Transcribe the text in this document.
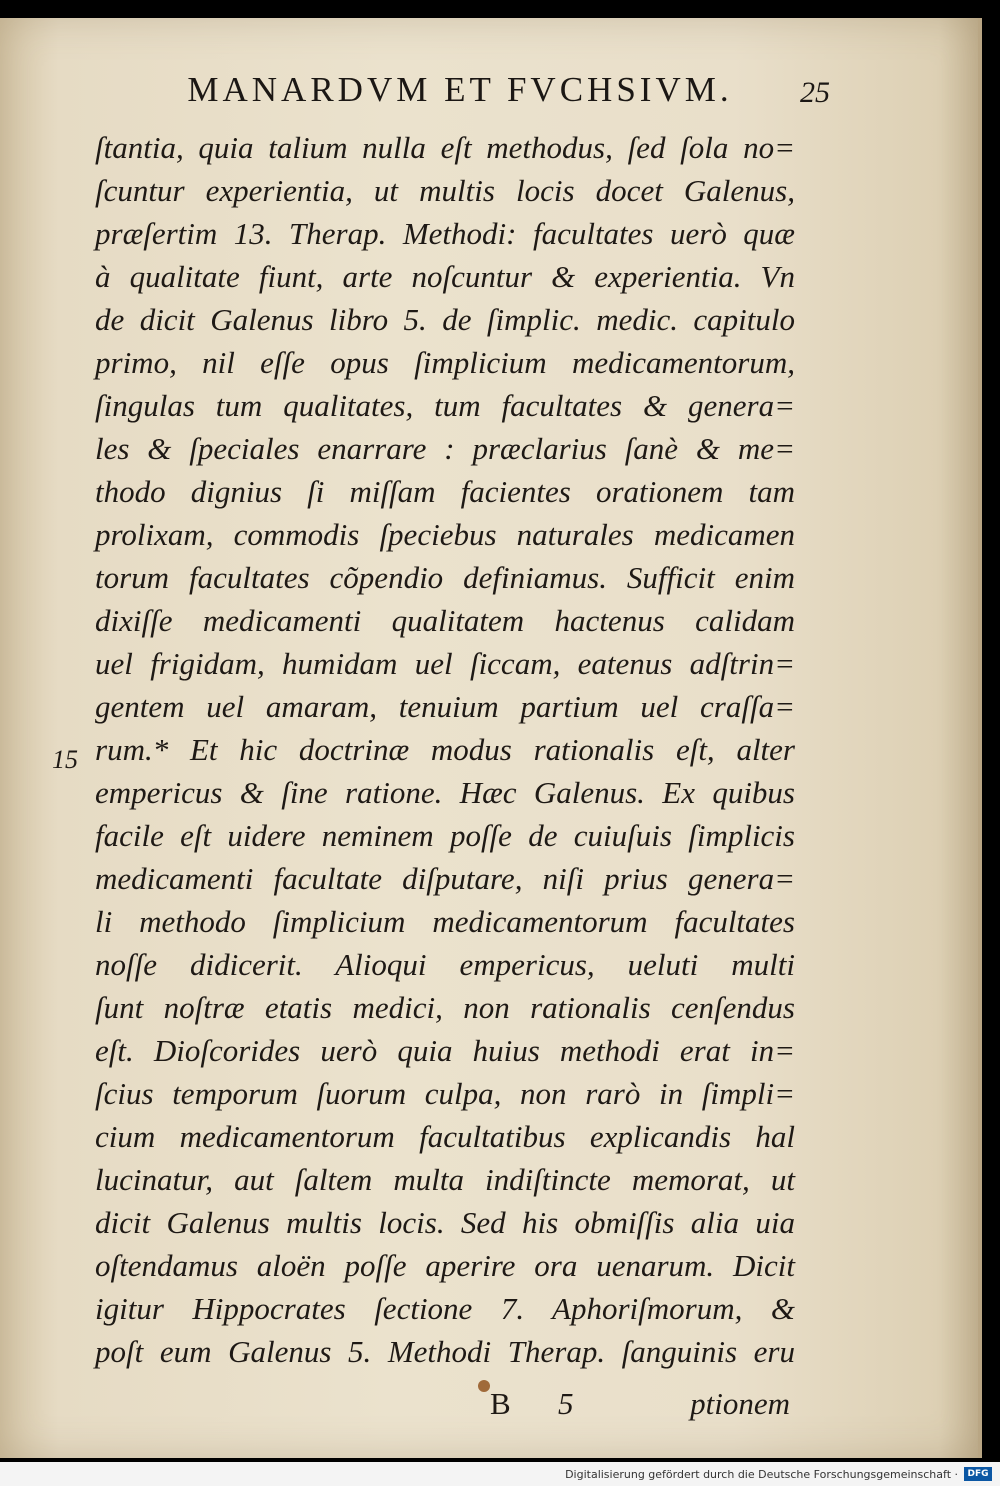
MANARDVM ET FVCHSIVM.	25
15
ſtantia, quia talium nulla eſt methodus, ſed ſola no=
ſcuntur experientia, ut multis locis docet Galenus,
præſertim 13. Therap. Methodi: facultates uerò quæ
à qualitate fiunt, arte noſcuntur & experientia. Vn
de dicit Galenus libro 5. de ſimplic. medic. capitulo
primo, nil eſſe opus ſimplicium medicamentorum,
ſingulas tum qualitates, tum facultates & genera=
les & ſpeciales enarrare : præclarius ſanè & me=
thodo dignius ſi miſſam facientes orationem tam
prolixam, commodis ſpeciebus naturales medicamen
torum facultates cõpendio definiamus. Sufficit enim
dixiſſe medicamenti qualitatem hactenus calidam
uel frigidam, humidam uel ſiccam, eatenus adſtrin=
gentem uel amaram, tenuium partium uel craſſa=
rum.* Et hic doctrinæ modus rationalis eſt, alter
empericus & ſine ratione. Hæc Galenus. Ex quibus
facile eſt uidere neminem poſſe de cuiuſuis ſimplicis
medicamenti facultate diſputare, niſi prius genera=
li methodo ſimplicium medicamentorum facultates
noſſe didicerit. Alioqui empericus, ueluti multi
ſunt noſtræ etatis medici, non rationalis cenſendus
eſt. Dioſcorides uerò quia huius methodi erat in=
ſcius temporum ſuorum culpa, non rarò in ſimpli=
cium medicamentorum facultatibus explicandis hal
lucinatur, aut ſaltem multa indiſtincte memorat, ut
dicit Galenus multis locis. Sed his obmiſſis alia uia
oſtendamus aloën poſſe aperire ora uenarum. Dicit
igitur Hippocrates ſectione 7. Aphoriſmorum, &
poſt eum Galenus 5. Methodi Therap. ſanguinis eru
B 5	ptionem
Digitalisierung gefördert durch die Deutsche Forschungsgemeinschaft ·	DFG
